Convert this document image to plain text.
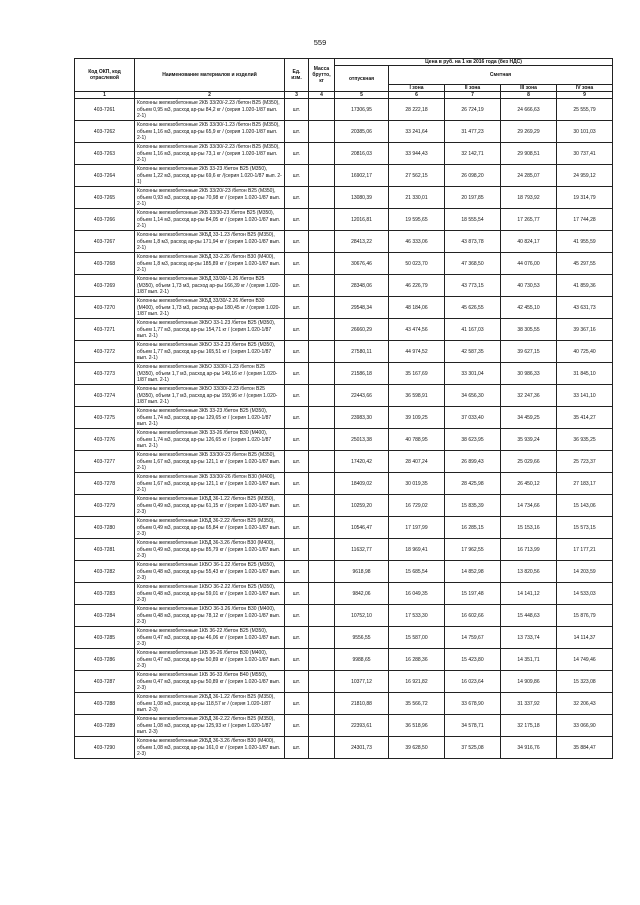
559
Код ОКП, код отраслевой	Наименование материалов и изделий	Ед. изм.	Масса брутто, кг	Цена в руб. на 1 кв 2016 года (без НДС)				
				отпускная	Сметная			
					I зона	II зона	III зона	IV зона
1	2	3	4	5	6	7	8	9
403-7261	Колонны железобетонные 2КБ 33/20/-2.23 /бетон В25 (М350), объем 0,95 м3, расход ар-ры 84,2 кг / (серия 1.020-1/87 вып. 2-1)	шт.		17306,95	28 222,18	26 724,19	24 666,63	25 555,79
403-7262	Колонны железобетонные 2КБ 33/30/-1.23 /бетон В25 (М350), объем 1,16 м3, расход ар-ры 65,9 кг / (серия 1.020-1/87 вып. 2-1)	шт.		20385,06	33 241,64	31 477,23	29 269,29	30 101,03
403-7263	Колонны железобетонные 2КБ 33/30/-2.23 /бетон В25 (М350), объем 1,16 м3, расход ар-ры 73,1 кг / (серия 1.020-1/87 вып. 2-1)	шт.		20816,03	33 944,43	32 142,71	29 908,51	30 737,41
403-7264	Колонны железобетонные 2КБ 33-23 /бетон В25 (М350), объем 1,22 м3, расход ар-ры 69,6 кг /(серия 1.020-1/87 вып. 2-1)	шт.		16902,17	27 562,15	26 098,20	24 285,07	24 959,12
403-7265	Колонны железобетонные 2КБ 33/20/-23 /бетон В25 (М350), объем 0,93 м3, расход ар-ры 70,98 кг / (серия 1.020-1/87 вып. 2-1)	шт.		13080,39	21 330,01	20 197,85	18 793,92	19 314,79
403-7266	Колонны железобетонные 2КБ 33/30-23 /бетон В25 (М350), объем 1,14 м3, расход ар-ры 84,05 кг / (серия 1.020-1/87 вып. 2-1)	шт.		12016,81	19 595,65	18 555,54	17 265,77	17 744,28
403-7267	Колонны железобетонные 3КБД 33-1.23 /бетон В25 (М350), объем 1,8 м3, расход ар-ры 171,94 кг / (серия 1.020-1/87 вып. 2-1)	шт.		28413,22	46 333,06	43 873,78	40 824,17	41 955,59
403-7268	Колонны железобетонные 3КБД 33-2.26 /бетон В30 (М400), объем 1,8 м3, расход ар-ры 185,89 кг / (серия 1.020-1/87 вып. 2-1)	шт.		30676,46	50 023,70	47 368,50	44 076,00	45 297,55
403-7269	Колонны железобетонные 3КБД 33/30/-1.26 /бетон В25 (М350), объем 1,73 м3, расход ар-ры 166,39 кг / (серия 1.020-1/87 вып. 2-1)	шт.		28348,06	46 226,79	43 773,15	40 730,53	41 859,36
403-7270	Колонны железобетонные 3КБД 33/30/-2.26 /бетон В30 (М400), объем 1,73 м3, расход ар-ры 180,45 кг / (серия 1.020-1/87 вып. 2-1)	шт.		29548,34	48 184,06	45 626,55	42 455,10	43 631,73
403-7271	Колонны железобетонные 3КБО 33-1.23 /бетон В25 (М350), объем 1,77 м3, расход ар-ры 154,71 кг / (серия 1.020-1/87 вып. 2-1)	шт.		26660,29	43 474,56	41 167,03	38 305,55	39 367,16
403-7272	Колонны железобетонные 3КБО 33-2.23 /бетон В25 (М350), объем 1,77 м3, расход ар-ры 165,51 кг / (серия 1.020-1/87 вып. 2-1)	шт.		27580,11	44 974,52	42 587,35	39 627,15	40 725,40
403-7273	Колонны железобетонные 3КБО 33/30/-1.23 /бетон В25 (М350), объем 1,7 м3, расход ар-ры 149,16 кг / (серия 1.020-1/87 вып. 2-1)	шт.		21586,18	35 167,69	33 301,04	30 986,33	31 845,10
403-7274	Колонны железобетонные 3КБО 33/30/-2.23 /бетон В25 (М350), объем 1,7 м3, расход ар-ры 159,96 кг / (серия 1.020-1/87 вып. 2-1)	шт.		22443,66	36 598,91	34 656,30	32 247,36	33 141,10
403-7275	Колонны железобетонные 3КБ 33-23 /бетон В25 (М350), объем 1,74 м3, расход ар-ры 129,65 кг / (серия 1.020-1/87 вып. 2-1)	шт.		23983,30	39 109,25	37 033,40	34 459,25	35 414,27
403-7276	Колонны железобетонные 3КБ 33-26 /бетон В30 (М400), объем 1,74 м3, расход ар-ры 126,65 кг / (серия 1.020-1/87 вып. 2-1)	шт.		25013,38	40 788,95	38 623,95	35 939,24	36 935,25
403-7277	Колонны железобетонные 3КБ 33/30/-23 /бетон В25 (М350), объем 1,67 м3, расход ар-ры 121,1 кг / (серия 1.020-1/87 вып. 2-1)	шт.		17420,42	28 407,24	26 899,43	25 029,66	25 723,37
403-7278	Колонны железобетонные 3КБ 33/30/-26 /бетон В30 (М400), объем 1,67 м3, расход ар-ры 121,1 кг / (серия 1.020-1/87 вып. 2-1)	шт.		18409,02	30 019,35	28 425,98	26 450,12	27 183,17
403-7279	Колонны железобетонные 1КБД 36-1.22 /бетон В25 (М350), объем 0,49 м3, расход ар-ры 61,15 кг / (серия 1.020-1/87 вып. 2-3)	шт.		10259,20	16 729,02	15 835,39	14 734,66	15 143,06
403-7280	Колонны железобетонные 1КБД 36-2.22 /бетон В25 (М350), объем 0,49 м3, расход ар-ры 65,84 кг / (серия 1.020-1/87 вып. 2-3)	шт.		10546,47	17 197,99	16 285,15	15 153,16	15 573,15
403-7281	Колонны железобетонные 1КБД 36-3.26 /бетон В30 (М400), объем 0,49 м3, расход ар-ры 85,79 кг / (серия 1.020-1/87 вып. 2-3)	шт.		11632,77	18 969,41	17 962,55	16 713,99	17 177,21
403-7282	Колонны железобетонные 1КБО 36-1.22 /бетон В25 (М350), объем 0,48 м3, расход ар-ры 55,43 кг / (серия 1.020-1/87 вып. 2-3)	шт.		9618,98	15 685,54	14 852,98	13 820,56	14 203,59
403-7283	Колонны железобетонные 1КБО 36-2.22 /бетон В25 (М350), объем 0,48 м3, расход ар-ры 59,01 кг / (серия 1.020-1/87 вып. 2-3)	шт.		9842,06	16 049,35	15 197,48	14 141,12	14 533,03
403-7284	Колонны железобетонные 1КБО 36-3.26 /бетон В30 (М400), объем 0,48 м3, расход ар-ры 78,12 кг / (серия 1.020-1/87 вып. 2-3)	шт.		10752,10	17 533,30	16 602,66	15 448,63	15 876,79
403-7285	Колонны железобетонные 1КБ 36-22 /бетон В25 (М350), объем 0,47 м3, расход ар-ры 46,06 кг / (серия 1.020-1/87 вып. 2-3)	шт.		9556,55	15 587,00	14 759,67	13 733,74	14 114,37
403-7286	Колонны железобетонные 1КБ 36-26 /бетон В30 (М400), объем 0,47 м3, расход ар-ры 50,89 кг / (серия 1.020-1/87 вып. 2-3)	шт.		9988,65	16 288,36	15 423,80	14 351,71	14 749,46
403-7287	Колонны железобетонные 1КБ 36-33 /бетон В40 (М550), объем 0,47 м3, расход ар-ры 50,89 кг / (серия 1.020-1/87 вып. 2-3)	шт.		10377,12	16 921,82	16 023,64	14 909,86	15 323,08
403-7288	Колонны железобетонные 2КБД 36-1.22 /бетон В25 (М350), объем 1,08 м3, расход ар-ры 118,57 кг / (серия 1.020-1/87 вып. 2-3)	шт.		21810,88	35 566,72	33 678,90	31 337,92	32 206,43
403-7289	Колонны железобетонные 2КБД 36-2.22 /бетон В25 (М350), объем 1,08 м3, расход ар-ры 125,93 кг / (серия 1.020-1/87 вып. 2-3)	шт.		22393,61	36 518,96	34 578,71	32 175,18	33 066,90
403-7290	Колонны железобетонные 2КБД 36-3.26 /бетон В30 (М400), объем 1,08 м3, расход ар-ры 161,0 кг / (серия 1.020-1/87 вып. 2-3)	шт.		24301,73	39 628,50	37 525,08	34 916,76	35 884,47
